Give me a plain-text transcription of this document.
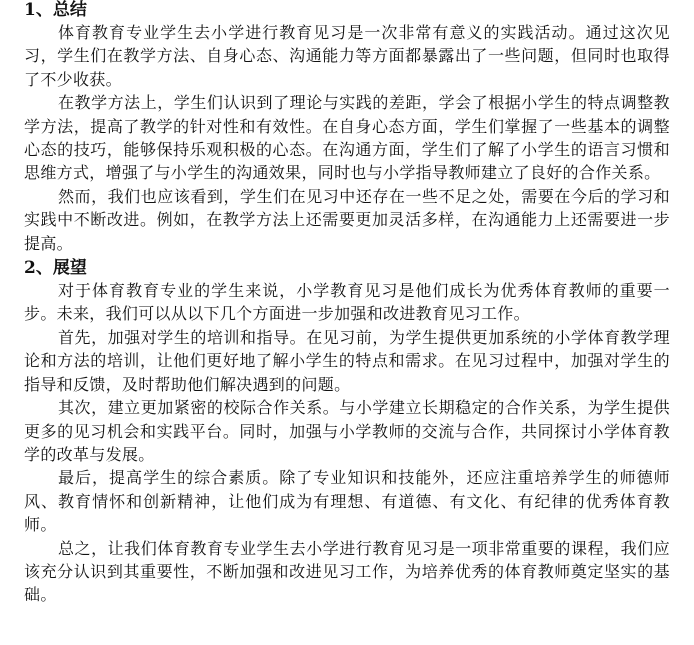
1、总结

体育教育专业学生去小学进行教育见习是一次非常有意义的实践活动。通过这次见习，学生们在教学方法、自身心态、沟通能力等方面都暴露出了一些问题，但同时也取得了不少收获。

在教学方法上，学生们认识到了理论与实践的差距，学会了根据小学生的特点调整教学方法，提高了教学的针对性和有效性。在自身心态方面，学生们掌握了一些基本的调整心态的技巧，能够保持乐观积极的心态。在沟通方面，学生们了解了小学生的语言习惯和思维方式，增强了与小学生的沟通效果，同时也与小学指导教师建立了良好的合作关系。

然而，我们也应该看到，学生们在见习中还存在一些不足之处，需要在今后的学习和实践中不断改进。例如，在教学方法上还需要更加灵活多样，在沟通能力上还需要进一步提高。

2、展望

对于体育教育专业的学生来说，小学教育见习是他们成长为优秀体育教师的重要一步。未来，我们可以从以下几个方面进一步加强和改进教育见习工作。

首先，加强对学生的培训和指导。在见习前，为学生提供更加系统的小学体育教学理论和方法的培训，让他们更好地了解小学生的特点和需求。在见习过程中，加强对学生的指导和反馈，及时帮助他们解决遇到的问题。

其次，建立更加紧密的校际合作关系。与小学建立长期稳定的合作关系，为学生提供更多的见习机会和实践平台。同时，加强与小学教师的交流与合作，共同探讨小学体育教学的改革与发展。

最后，提高学生的综合素质。除了专业知识和技能外，还应注重培养学生的师德师风、教育情怀和创新精神，让他们成为有理想、有道德、有文化、有纪律的优秀体育教师。

总之，让我们体育教育专业学生去小学进行教育见习是一项非常重要的课程，我们应该充分认识到其重要性，不断加强和改进见习工作，为培养优秀的体育教师奠定坚实的基础。
